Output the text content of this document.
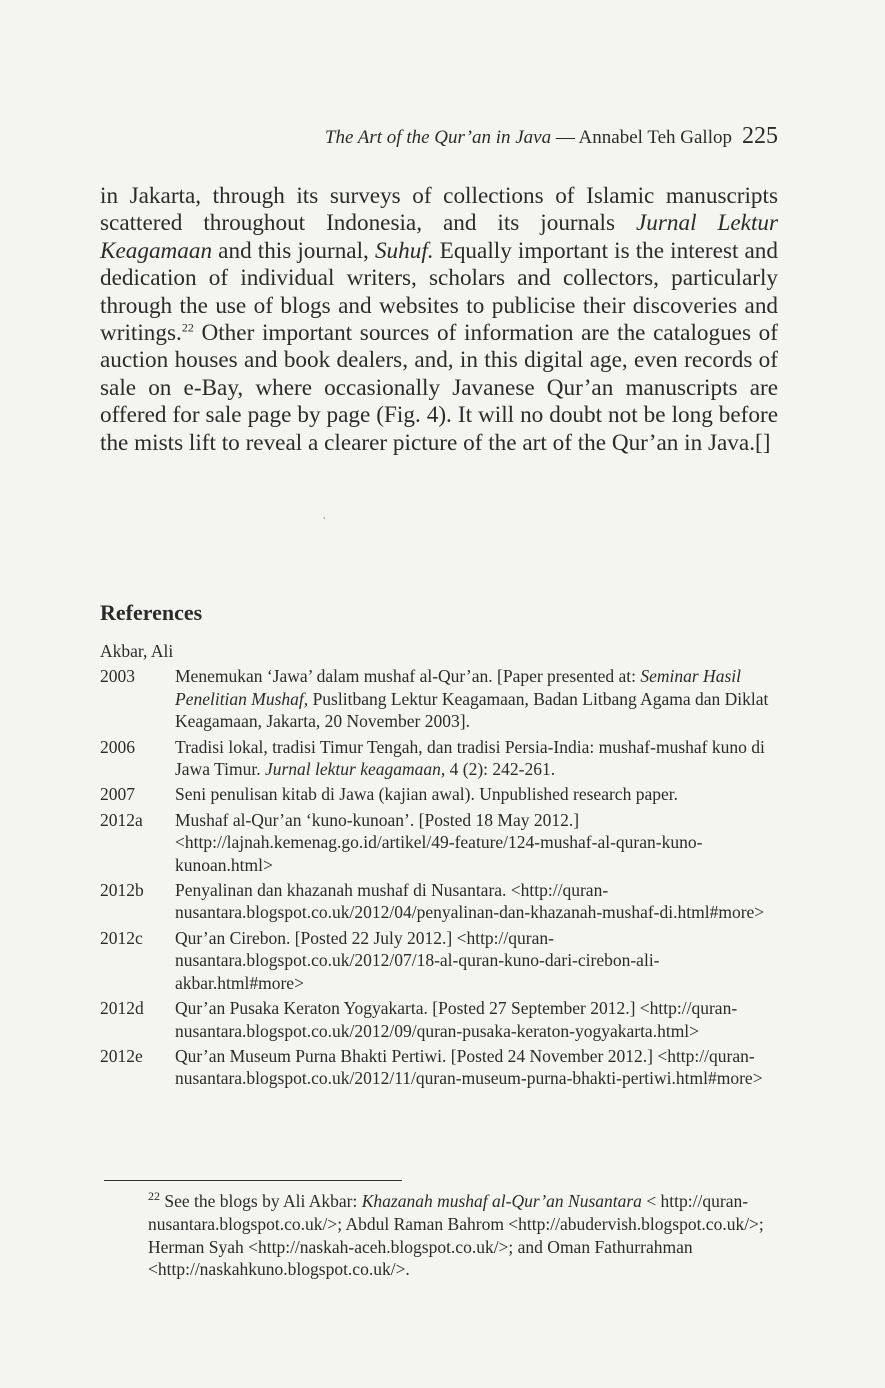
The Art of the Qur’an in Java — Annabel Teh Gallop 225
in Jakarta, through its surveys of collections of Islamic manuscripts scattered throughout Indonesia, and its journals Jurnal Lektur Keagamaan and this journal, Suhuf. Equally important is the interest and dedication of individual writers, scholars and collectors, particularly through the use of blogs and websites to publicise their discoveries and writings.$^{22}$ Other important sources of information are the catalogues of auction houses and book dealers, and, in this digital age, even records of sale on e-Bay, where occasionally Javanese Qur’an manuscripts are offered for sale page by page (Fig. 4). It will no doubt not be long before the mists lift to reveal a clearer picture of the art of the Qur’an in Java.[]
ˌ
References
Akbar, Ali
2003	Menemukan ‘Jawa’ dalam mushaf al-Qur’an. [Paper presented at: Seminar Hasil Penelitian Mushaf, Puslitbang Lektur Keagamaan, Badan Litbang Agama dan Diklat Keagamaan, Jakarta, 20 November 2003].
2006	Tradisi lokal, tradisi Timur Tengah, dan tradisi Persia-India: mushaf-mushaf kuno di Jawa Timur. Jurnal lektur keagamaan, 4 (2): 242-261.
2007	Seni penulisan kitab di Jawa (kajian awal). Unpublished research paper.
2012a	Mushaf al-Qur’an ‘kuno-kunoan’. [Posted 18 May 2012.] <http://lajnah.kemenag.go.id/artikel/49-feature/124-mushaf-al-quran-kuno-kunoan.html>
2012b	Penyalinan dan khazanah mushaf di Nusantara. <http://quran-nusantara.blogspot.co.uk/2012/04/penyalinan-dan-khazanah-mushaf-di.html#more>
2012c	Qur’an Cirebon. [Posted 22 July 2012.] <http://quran-nusantara.blogspot.co.uk/2012/07/18-al-quran-kuno-dari-cirebon-ali-akbar.html#more>
2012d	Qur’an Pusaka Keraton Yogyakarta. [Posted 27 September 2012.] <http://quran-nusantara.blogspot.co.uk/2012/09/quran-pusaka-keraton-yogyakarta.html>
2012e	Qur’an Museum Purna Bhakti Pertiwi. [Posted 24 November 2012.] <http://quran-nusantara.blogspot.co.uk/2012/11/quran-museum-purna-bhakti-pertiwi.html#more>
$^{22}$ See the blogs by Ali Akbar: Khazanah mushaf al-Qur’an Nusantara < http://quran-nusantara.blogspot.co.uk/>; Abdul Raman Bahrom <http://abudervish.blogspot.co.uk/>; Herman Syah <http://naskah-aceh.blogspot.co.uk/>; and Oman Fathurrahman <http://naskahkuno.blogspot.co.uk/>.
